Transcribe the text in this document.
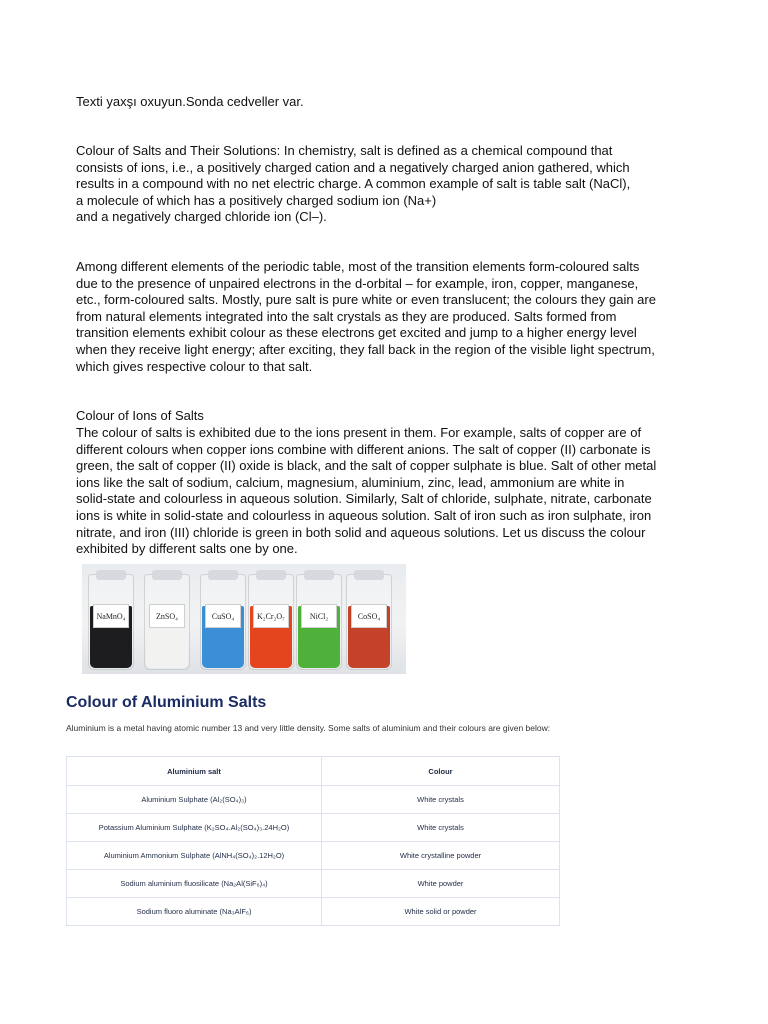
Texti yaxşı oxuyun.Sonda cedveller var.

Colour of Salts and Their Solutions: In chemistry, salt is defined as a chemical compound that
consists of ions, i.e., a positively charged cation and a negatively charged anion gathered, which
results in a compound with no net electric charge. A common example of salt is table salt (NaCl),
a molecule of which has a positively charged sodium ion (Na+)
and a negatively charged chloride ion (Cl–).

Among different elements of the periodic table, most of the transition elements form-coloured salts
due to the presence of unpaired electrons in the d-orbital – for example, iron, copper, manganese,
etc., form-coloured salts. Mostly, pure salt is pure white or even translucent; the colours they gain are
from natural elements integrated into the salt crystals as they are produced. Salts formed from
transition elements exhibit colour as these electrons get excited and jump to a higher energy level
when they receive light energy; after exciting, they fall back in the region of the visible light spectrum,
which gives respective colour to that salt.

Colour of Ions of Salts

The colour of salts is exhibited due to the ions present in them. For example, salts of copper are of
different colours when copper ions combine with different anions. The salt of copper (II) carbonate is
green, the salt of copper (II) oxide is black, and the salt of copper sulphate is blue. Salt of other metal
ions like the salt of sodium, calcium, magnesium, aluminium, zinc, lead, ammonium are white in
solid-state and colourless in aqueous solution. Similarly, Salt of chloride, sulphate, nitrate, carbonate
ions is white in solid-state and colourless in aqueous solution. Salt of iron such as iron sulphate, iron
nitrate, and iron (III) chloride is green in both solid and aqueous solutions. Let us discuss the colour
exhibited by different salts one by one.

NaMnO₄	ZnSO₄	CuSO₄	K₂Cr₂O₇	NiCl₂	CoSO₄
Colour of Aluminium Salts

Aluminium is a metal having atomic number 13 and very little density. Some salts of aluminium and their colours are given below:

Aluminium salt	Colour
Aluminium Sulphate (Al₂(SO₄)₃)	White crystals
Potassium Aluminium Sulphate (K₂SO₄.Al₂(SO₄)₃.24H₂O)	White crystals
Aluminium Ammonium Sulphate (AlNH₄(SO₄)₂.12H₂O)	White crystalline powder
Sodium aluminium fluosilicate (Na₂Al(SiF₆)₄)	White powder
Sodium fluoro aluminate (Na₃AlF₆)	White solid or powder
